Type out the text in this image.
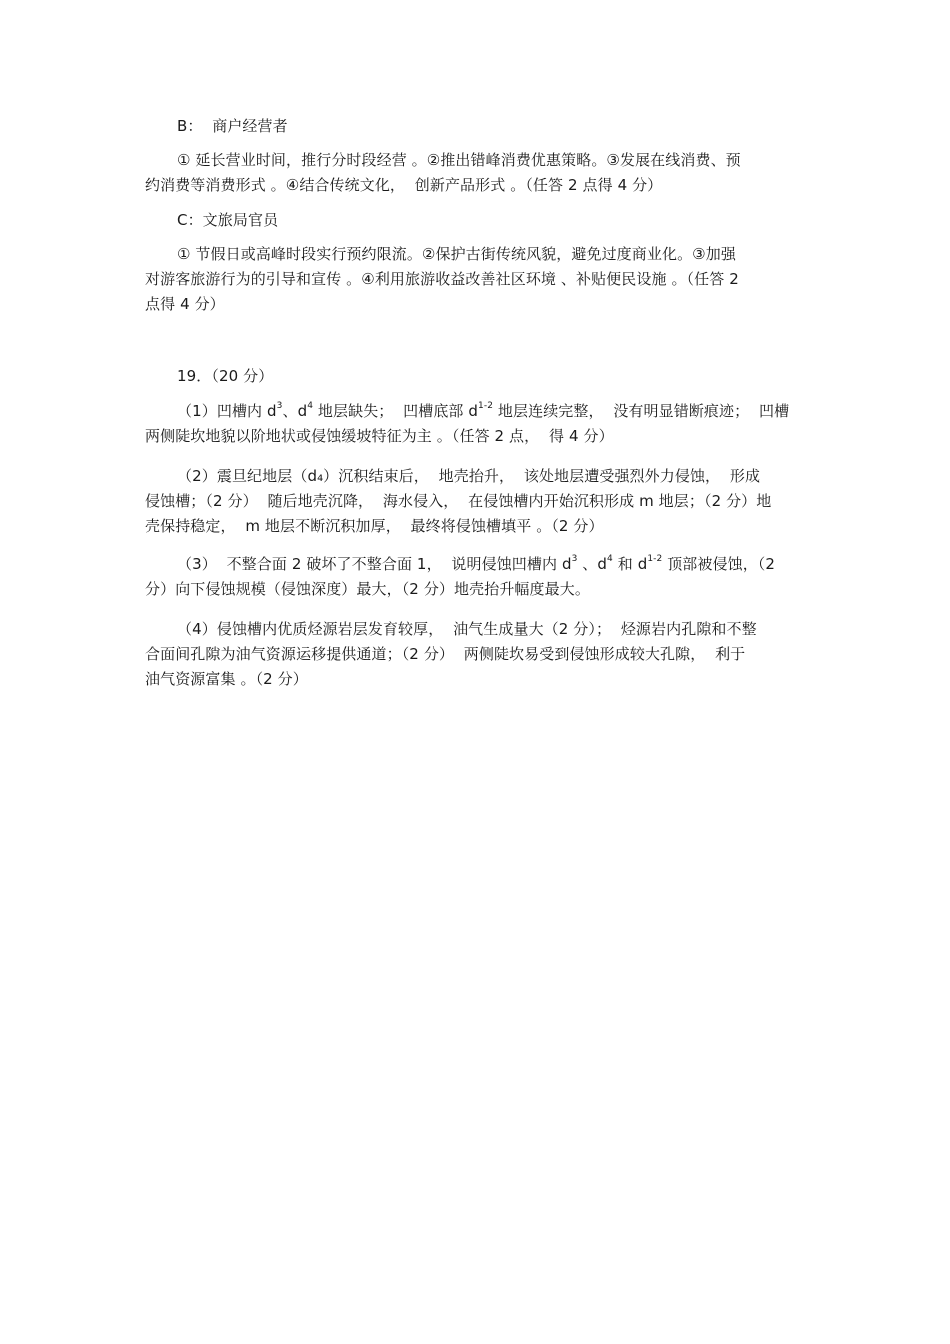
B：  商户经营者
① 延长营业时间，推行分时段经营 。②推出错峰消费优惠策略。③发展在线消费、预
约消费等消费形式 。④结合传统文化，  创新产品形式 。（任答 2 点得 4 分）
C：文旅局官员
① 节假日或高峰时段实行预约限流。②保护古街传统风貌，避免过度商业化。③加强
对游客旅游行为的引导和宣传 。④利用旅游收益改善社区环境 、补贴便民设施 。（任答 2
点得 4 分）
19．（20 分）
（1）凹槽内 $d^3$、$d^4$ 地层缺失；  凹槽底部 $d^{1-2}$ 地层连续完整，  没有明显错断痕迹；  凹槽
两侧陡坎地貌以阶地状或侵蚀缓坡特征为主 。（任答 2 点，  得 4 分）
（2）震旦纪地层（d₄）沉积结束后，  地壳抬升，  该处地层遭受强烈外力侵蚀，  形成
侵蚀槽；（2 分）  随后地壳沉降，  海水侵入，  在侵蚀槽内开始沉积形成 m 地层；（2 分）地
壳保持稳定，  m 地层不断沉积加厚，  最终将侵蚀槽填平 。（2 分）
（3）  不整合面 2 破坏了不整合面 1，  说明侵蚀凹槽内 $d^3$ 、$d^4$ 和 $d^{1-2}$ 顶部被侵蚀，（2
分）向下侵蚀规模（侵蚀深度）最大，（2 分）地壳抬升幅度最大。
（4）侵蚀槽内优质烃源岩层发育较厚，  油气生成量大（2 分）；  烃源岩内孔隙和不整
合面间孔隙为油气资源运移提供通道；（2 分）  两侧陡坎易受到侵蚀形成较大孔隙，  利于
油气资源富集 。（2 分）
